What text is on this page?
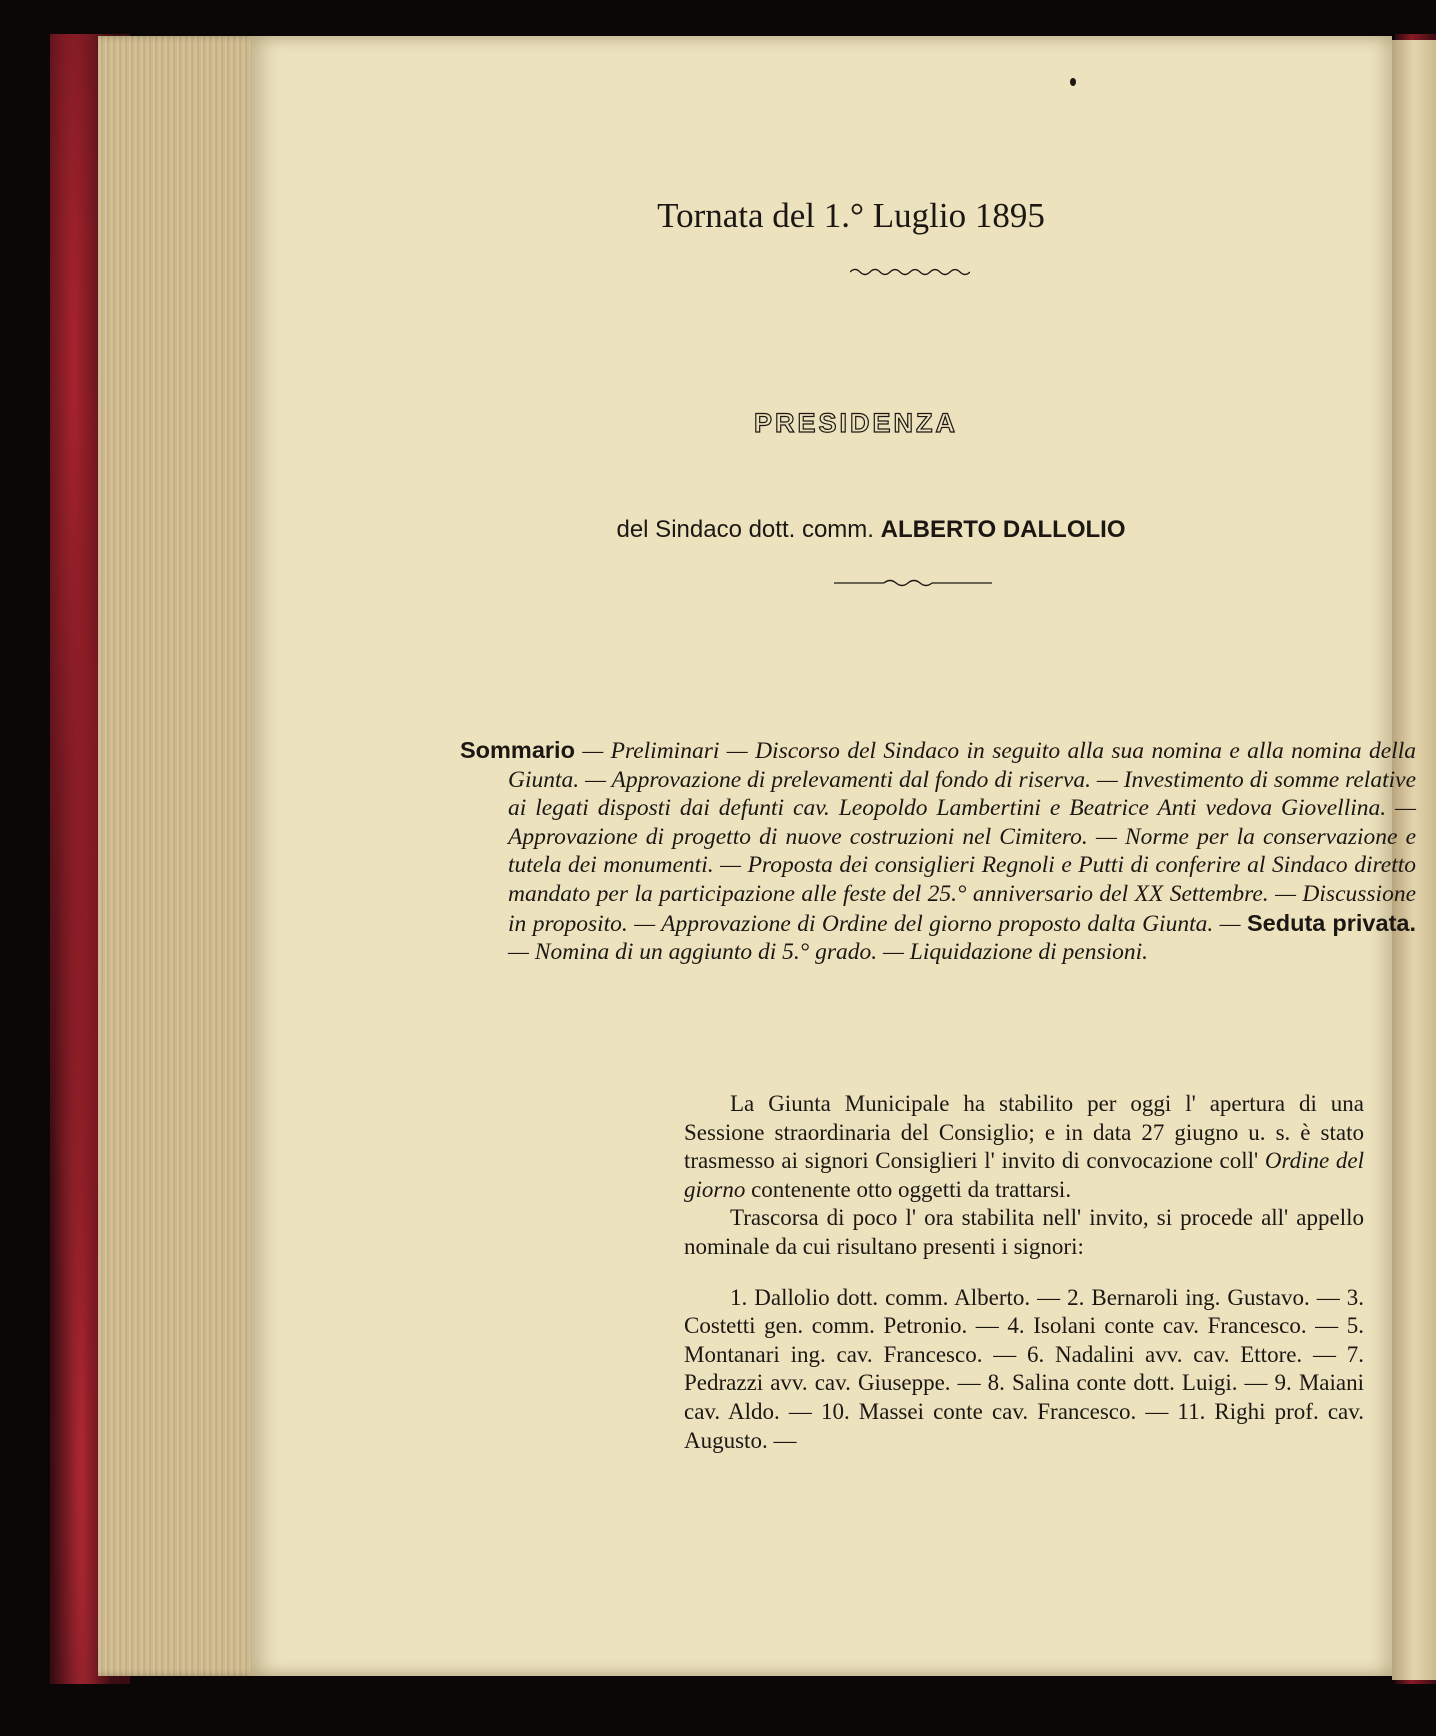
Tornata del 1.° Luglio 1895
PRESIDENZA
del Sindaco dott. comm. ALBERTO DALLOLIO
Sommario — Preliminari — Discorso del Sindaco in seguito alla sua nomina e alla nomina della Giunta. — Approvazione di prelevamenti dal fondo di riserva. — Investimento di somme relative ai legati disposti dai defunti cav. Leopoldo Lambertini e Beatrice Anti vedova Giovellina. — Approvazione di progetto di nuove costruzioni nel Cimitero. — Norme per la conservazione e tutela dei monumenti. — Proposta dei consiglieri Regnoli e Putti di conferire al Sindaco diretto mandato per la participazione alle feste del 25.° anniversario del XX Settembre. — Discussione in proposito. — Approvazione di Ordine del giorno proposto dalta Giunta. — Seduta privata. — Nomina di un aggiunto di 5.° grado. — Liquidazione di pensioni.

La Giunta Municipale ha stabilito per oggi l' apertura di una Sessione straordinaria del Consiglio; e in data 27 giugno u. s. è stato trasmesso ai signori Consiglieri l' invito di convocazione coll' Ordine del giorno contenente otto oggetti da trattarsi.

Trascorsa di poco l' ora stabilita nell' invito, si procede all' appello nominale da cui risultano presenti i signori:

1. Dallolio dott. comm. Alberto. — 2. Bernaroli ing. Gustavo. — 3. Costetti gen. comm. Petronio. — 4. Isolani conte cav. Francesco. — 5. Montanari ing. cav. Francesco. — 6. Nadalini avv. cav. Ettore. — 7. Pedrazzi avv. cav. Giuseppe. — 8. Salina conte dott. Luigi. — 9. Maiani cav. Aldo. — 10. Massei conte cav. Francesco. — 11. Righi prof. cav. Augusto. —
